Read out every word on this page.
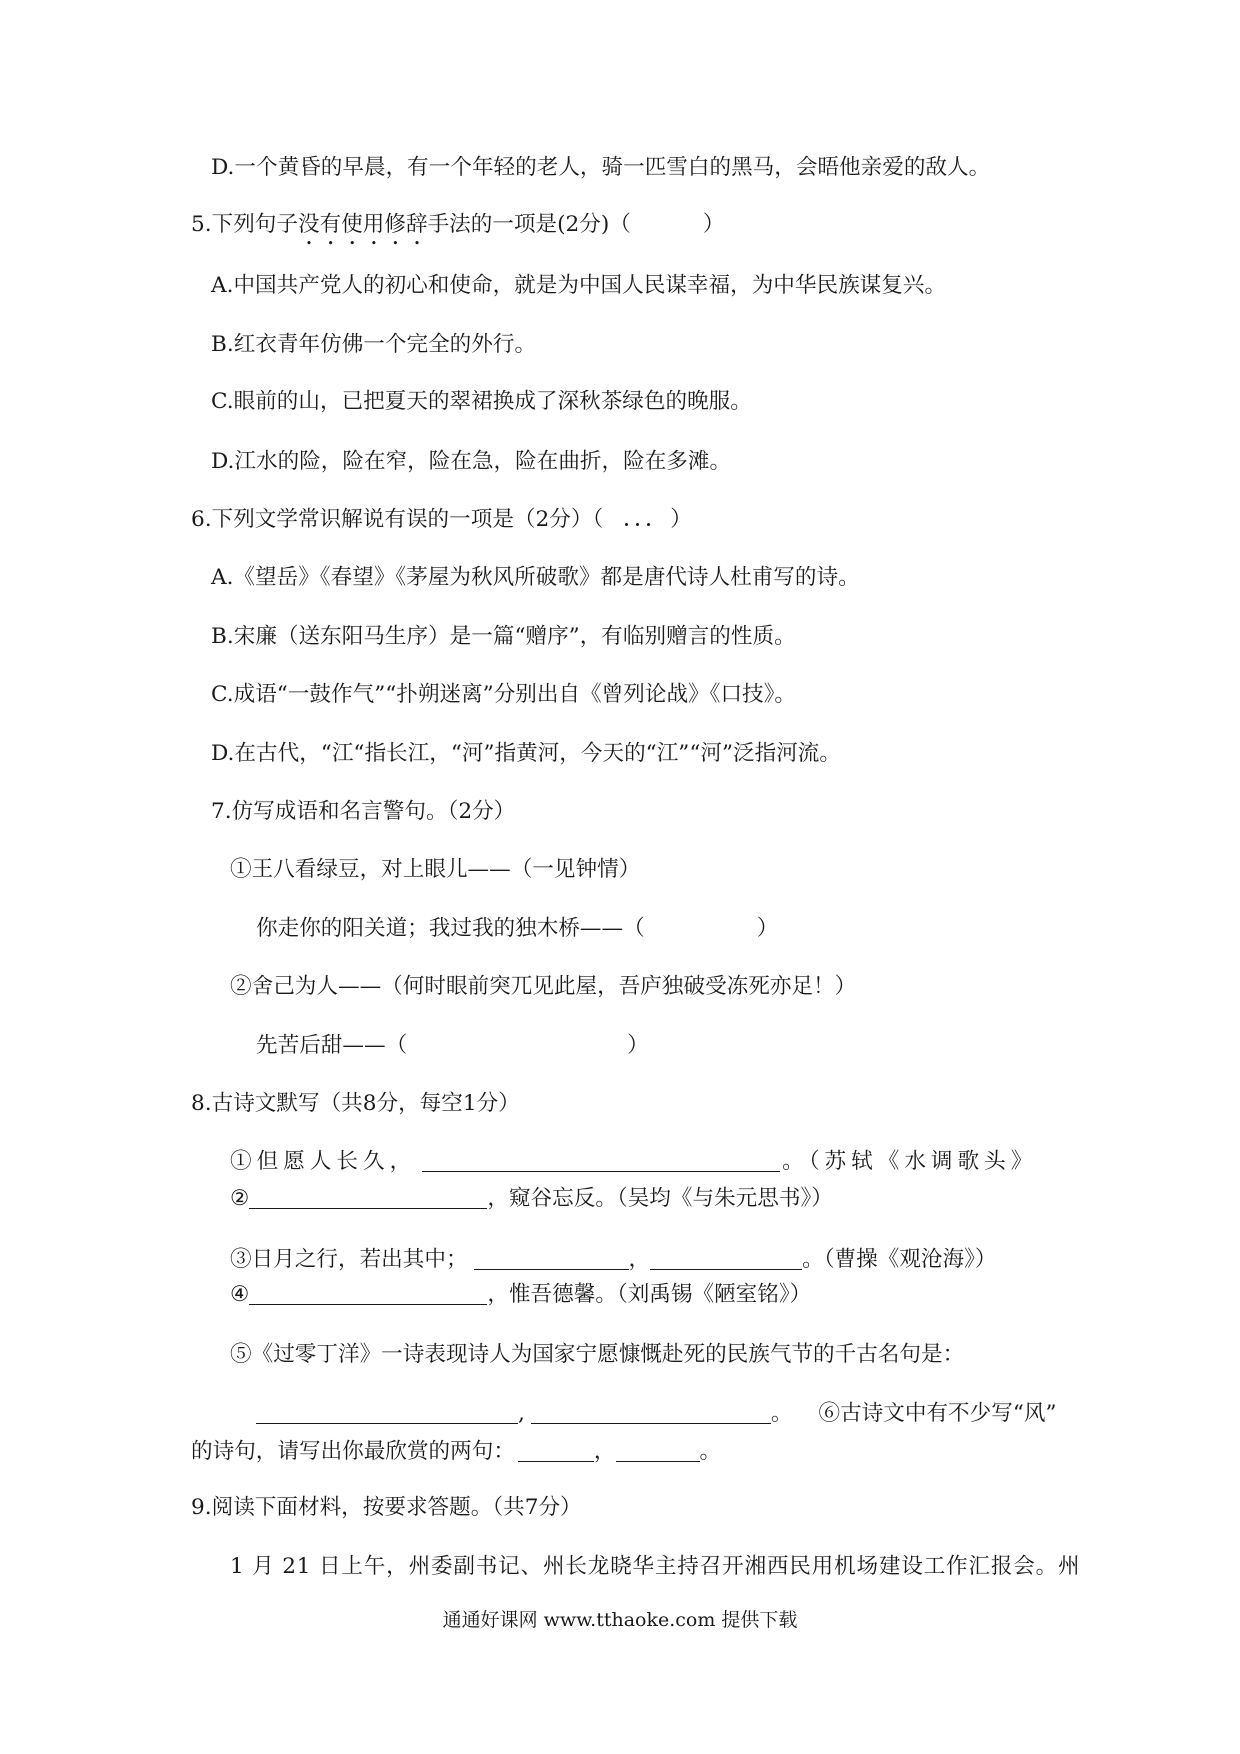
D.一个黄昏的早晨，有一个年轻的老人，骑一匹雪白的黑马，会晤他亲爱的敌人。
5.下列句子没有使用修辞手法的一项是(2分)（	）
A.中国共产党人的初心和使命，就是为中国人民谋幸福，为中华民族谋复兴。
B.红衣青年仿佛一个完全的外行。
C.眼前的山，已把夏天的翠裙换成了深秋茶绿色的晚服。
D.江水的险，险在窄，险在急，险在曲折，险在多滩。
6.下列文学常识解说有误的一项是（2分）（	）
A.《望岳》《春望》《茅屋为秋风所破歌》都是唐代诗人杜甫写的诗。
B.宋廉（送东阳马生序）是一篇“赠序”，有临别赠言的性质。
C.成语“一鼓作气”“扑朔迷离”分别出自《曾列论战》《口技》。
D.在古代，“江“指长江，“河”指黄河，今天的“江”“河”泛指河流。
7.仿写成语和名言警句。（2分）
①王八看绿豆，对上眼儿——（一见钟情）
你走你的阳关道；我过我的独木桥——（	）
②舍己为人——（何时眼前突兀见此屋，吾庐独破受冻死亦足！）
先苦后甜——（	）
8.古诗文默写（共8分，每空1分）
①但愿人长久，	。（苏轼《水调歌头》
②	，窥谷忘反。（吴均《与朱元思书》）
③日月之行，若出其中；	，	。（曹操《观沧海》）
④	，惟吾德馨。（刘禹锡《陋室铭》）
⑤《过零丁洋》一诗表现诗人为国家宁愿慷慨赴死的民族气节的千古名句是：
,	。 ⑥古诗文中有不少写“风”
的诗句，请写出你最欣赏的两句：	，	。
9.阅读下面材料，按要求答题。（共7分）
1 月 21 日上午，州委副书记、州长龙晓华主持召开湘西民用机场建设工作汇报会。州
通通好课网 www.tthaoke.com 提供下载
